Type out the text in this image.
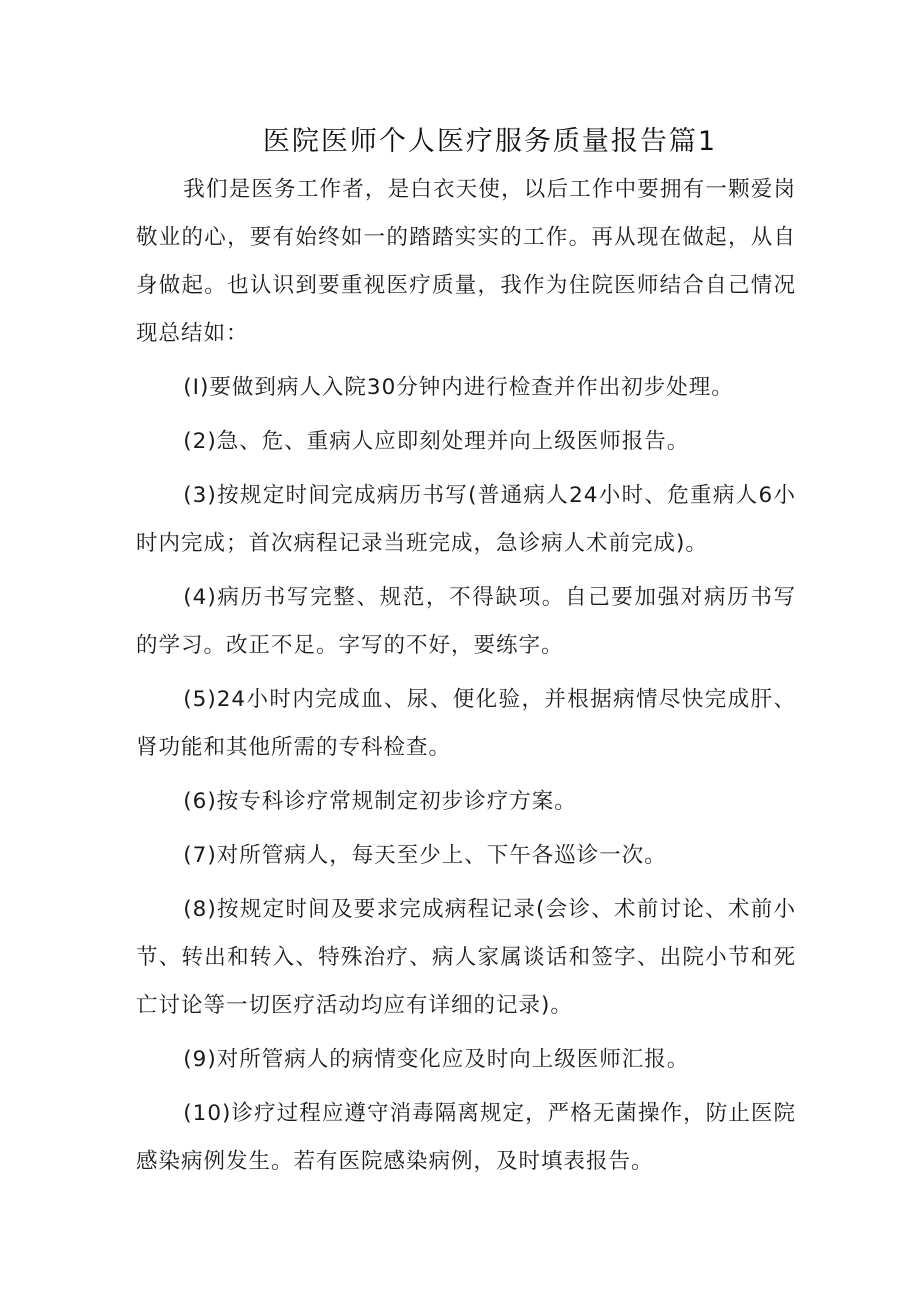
医院医师个人医疗服务质量报告篇1

我们是医务工作者，是白衣天使，以后工作中要拥有一颗爱岗敬业的心，要有始终如一的踏踏实实的工作。再从现在做起，从自身做起。也认识到要重视医疗质量，我作为住院医师结合自己情况现总结如：

(I)要做到病人入院30分钟内进行检查并作出初步处理。

(2)急、危、重病人应即刻处理并向上级医师报告。

(3)按规定时间完成病历书写(普通病人24小时、危重病人6小时内完成；首次病程记录当班完成，急诊病人术前完成)。

(4)病历书写完整、规范，不得缺项。自己要加强对病历书写的学习。改正不足。字写的不好，要练字。

(5)24小时内完成血、尿、便化验，并根据病情尽快完成肝、肾功能和其他所需的专科检查。

(6)按专科诊疗常规制定初步诊疗方案。

(7)对所管病人，每天至少上、下午各巡诊一次。

(8)按规定时间及要求完成病程记录(会诊、术前讨论、术前小节、转出和转入、特殊治疗、病人家属谈话和签字、出院小节和死亡讨论等一切医疗活动均应有详细的记录)。

(9)对所管病人的病情变化应及时向上级医师汇报。

(10)诊疗过程应遵守消毒隔离规定，严格无菌操作，防止医院感染病例发生。若有医院感染病例，及时填表报告。
